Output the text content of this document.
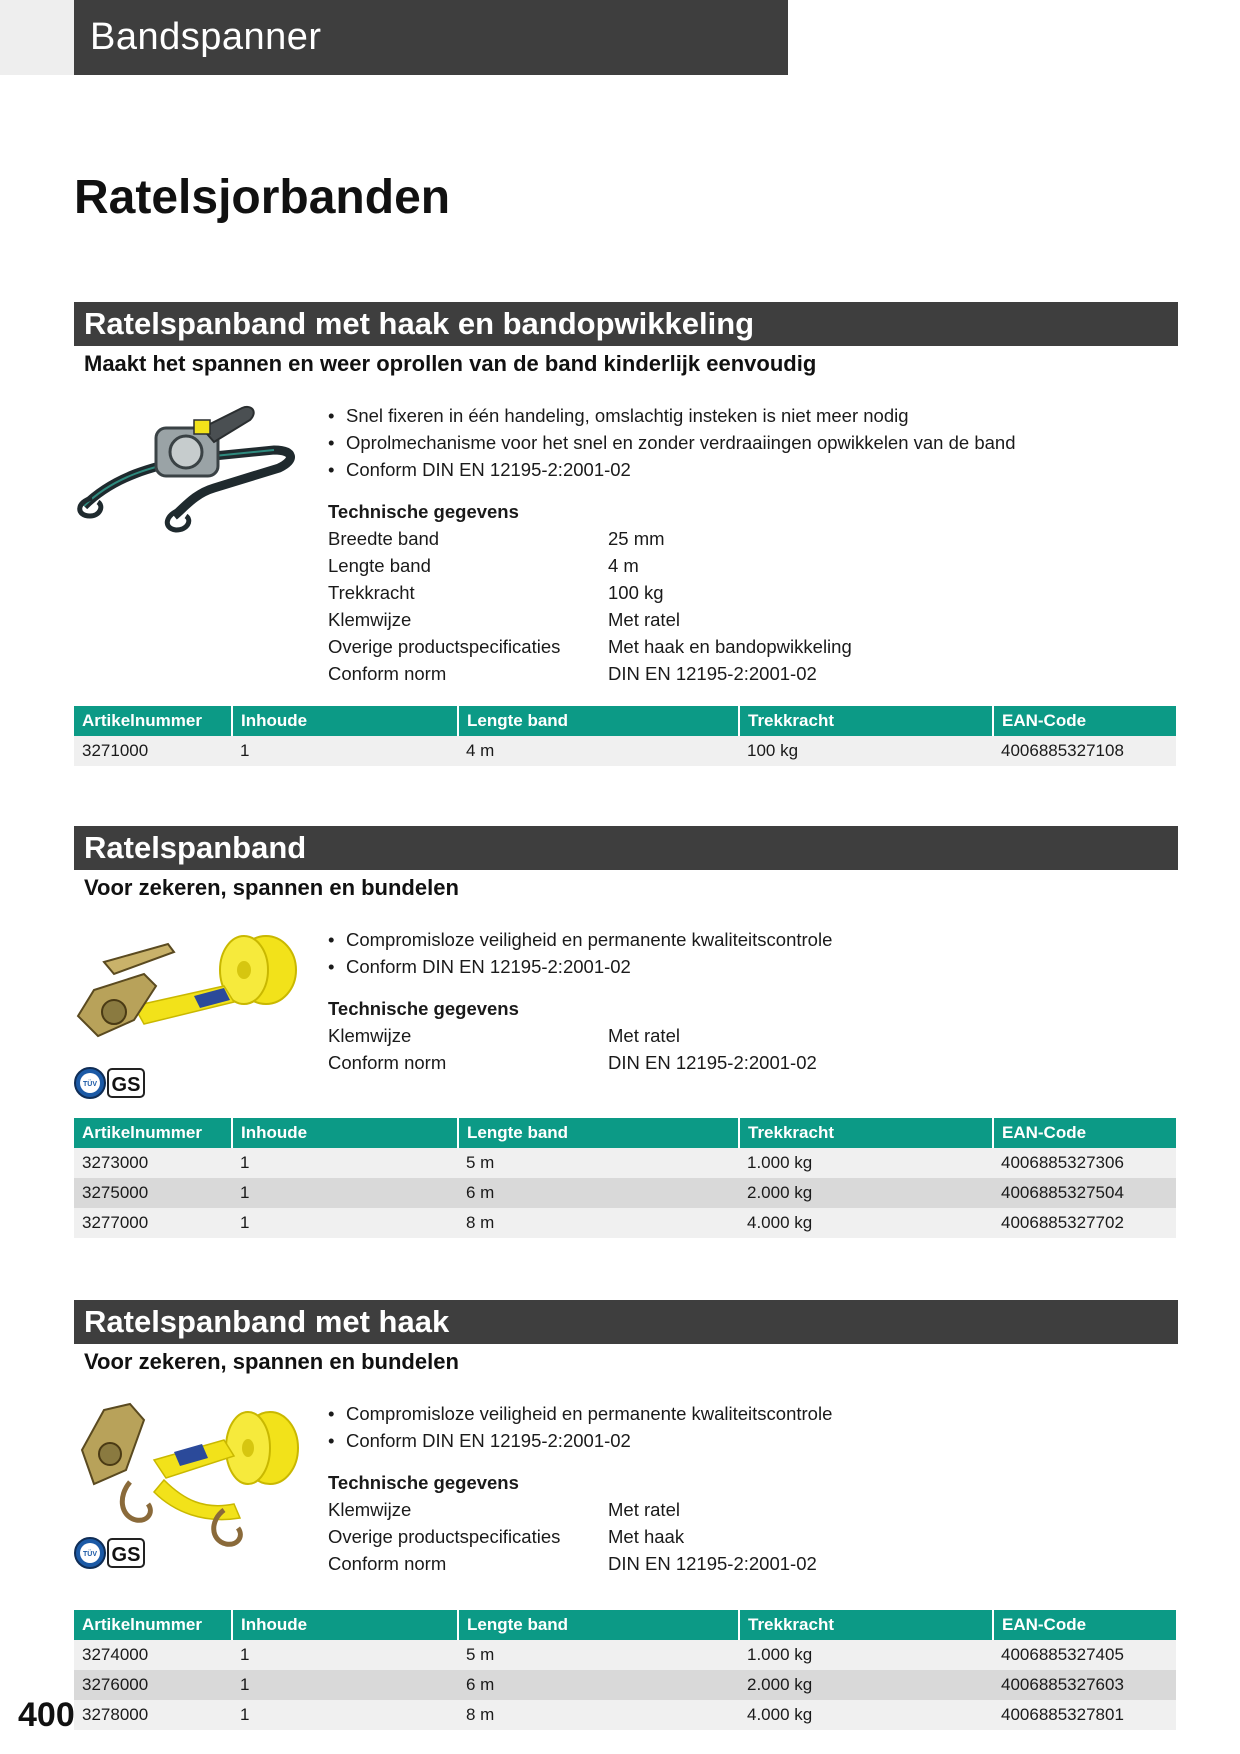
Bandspanner
Ratelsjorbanden
Ratelspanband met haak en bandopwikkeling
Maakt het spannen en weer oprollen van de band kinderlijk eenvoudig
• Snel fixeren in één handeling, omslachtig insteken is niet meer nodig
• Oprolmechanisme voor het snel en zonder verdraaiingen opwikkelen van de band
• Conform DIN EN 12195-2:2001-02
Technische gegevens
Breedte band	25 mm
Lengte band	4 m
Trekkracht	100 kg
Klemwijze	Met ratel
Overige productspecificaties	Met haak en bandopwikkeling
Conform norm	DIN EN 12195-2:2001-02
Artikelnummer	Inhoude	Lengte band	Trekkracht	EAN-Code
3271000	1	4 m	100 kg	4006885327108
Ratelspanband
Voor zekeren, spannen en bundelen
TÜV GS
• Compromisloze veiligheid en permanente kwaliteitscontrole
• Conform DIN EN 12195-2:2001-02
Technische gegevens
Klemwijze	Met ratel
Conform norm	DIN EN 12195-2:2001-02
Artikelnummer	Inhoude	Lengte band	Trekkracht	EAN-Code
3273000	1	5 m	1.000 kg	4006885327306
3275000	1	6 m	2.000 kg	4006885327504
3277000	1	8 m	4.000 kg	4006885327702
Ratelspanband met haak
Voor zekeren, spannen en bundelen
TÜV GS
• Compromisloze veiligheid en permanente kwaliteitscontrole
• Conform DIN EN 12195-2:2001-02
Technische gegevens
Klemwijze	Met ratel
Overige productspecificaties	Met haak
Conform norm	DIN EN 12195-2:2001-02
Artikelnummer	Inhoude	Lengte band	Trekkracht	EAN-Code
3274000	1	5 m	1.000 kg	4006885327405
3276000	1	6 m	2.000 kg	4006885327603
3278000	1	8 m	4.000 kg	4006885327801
400
